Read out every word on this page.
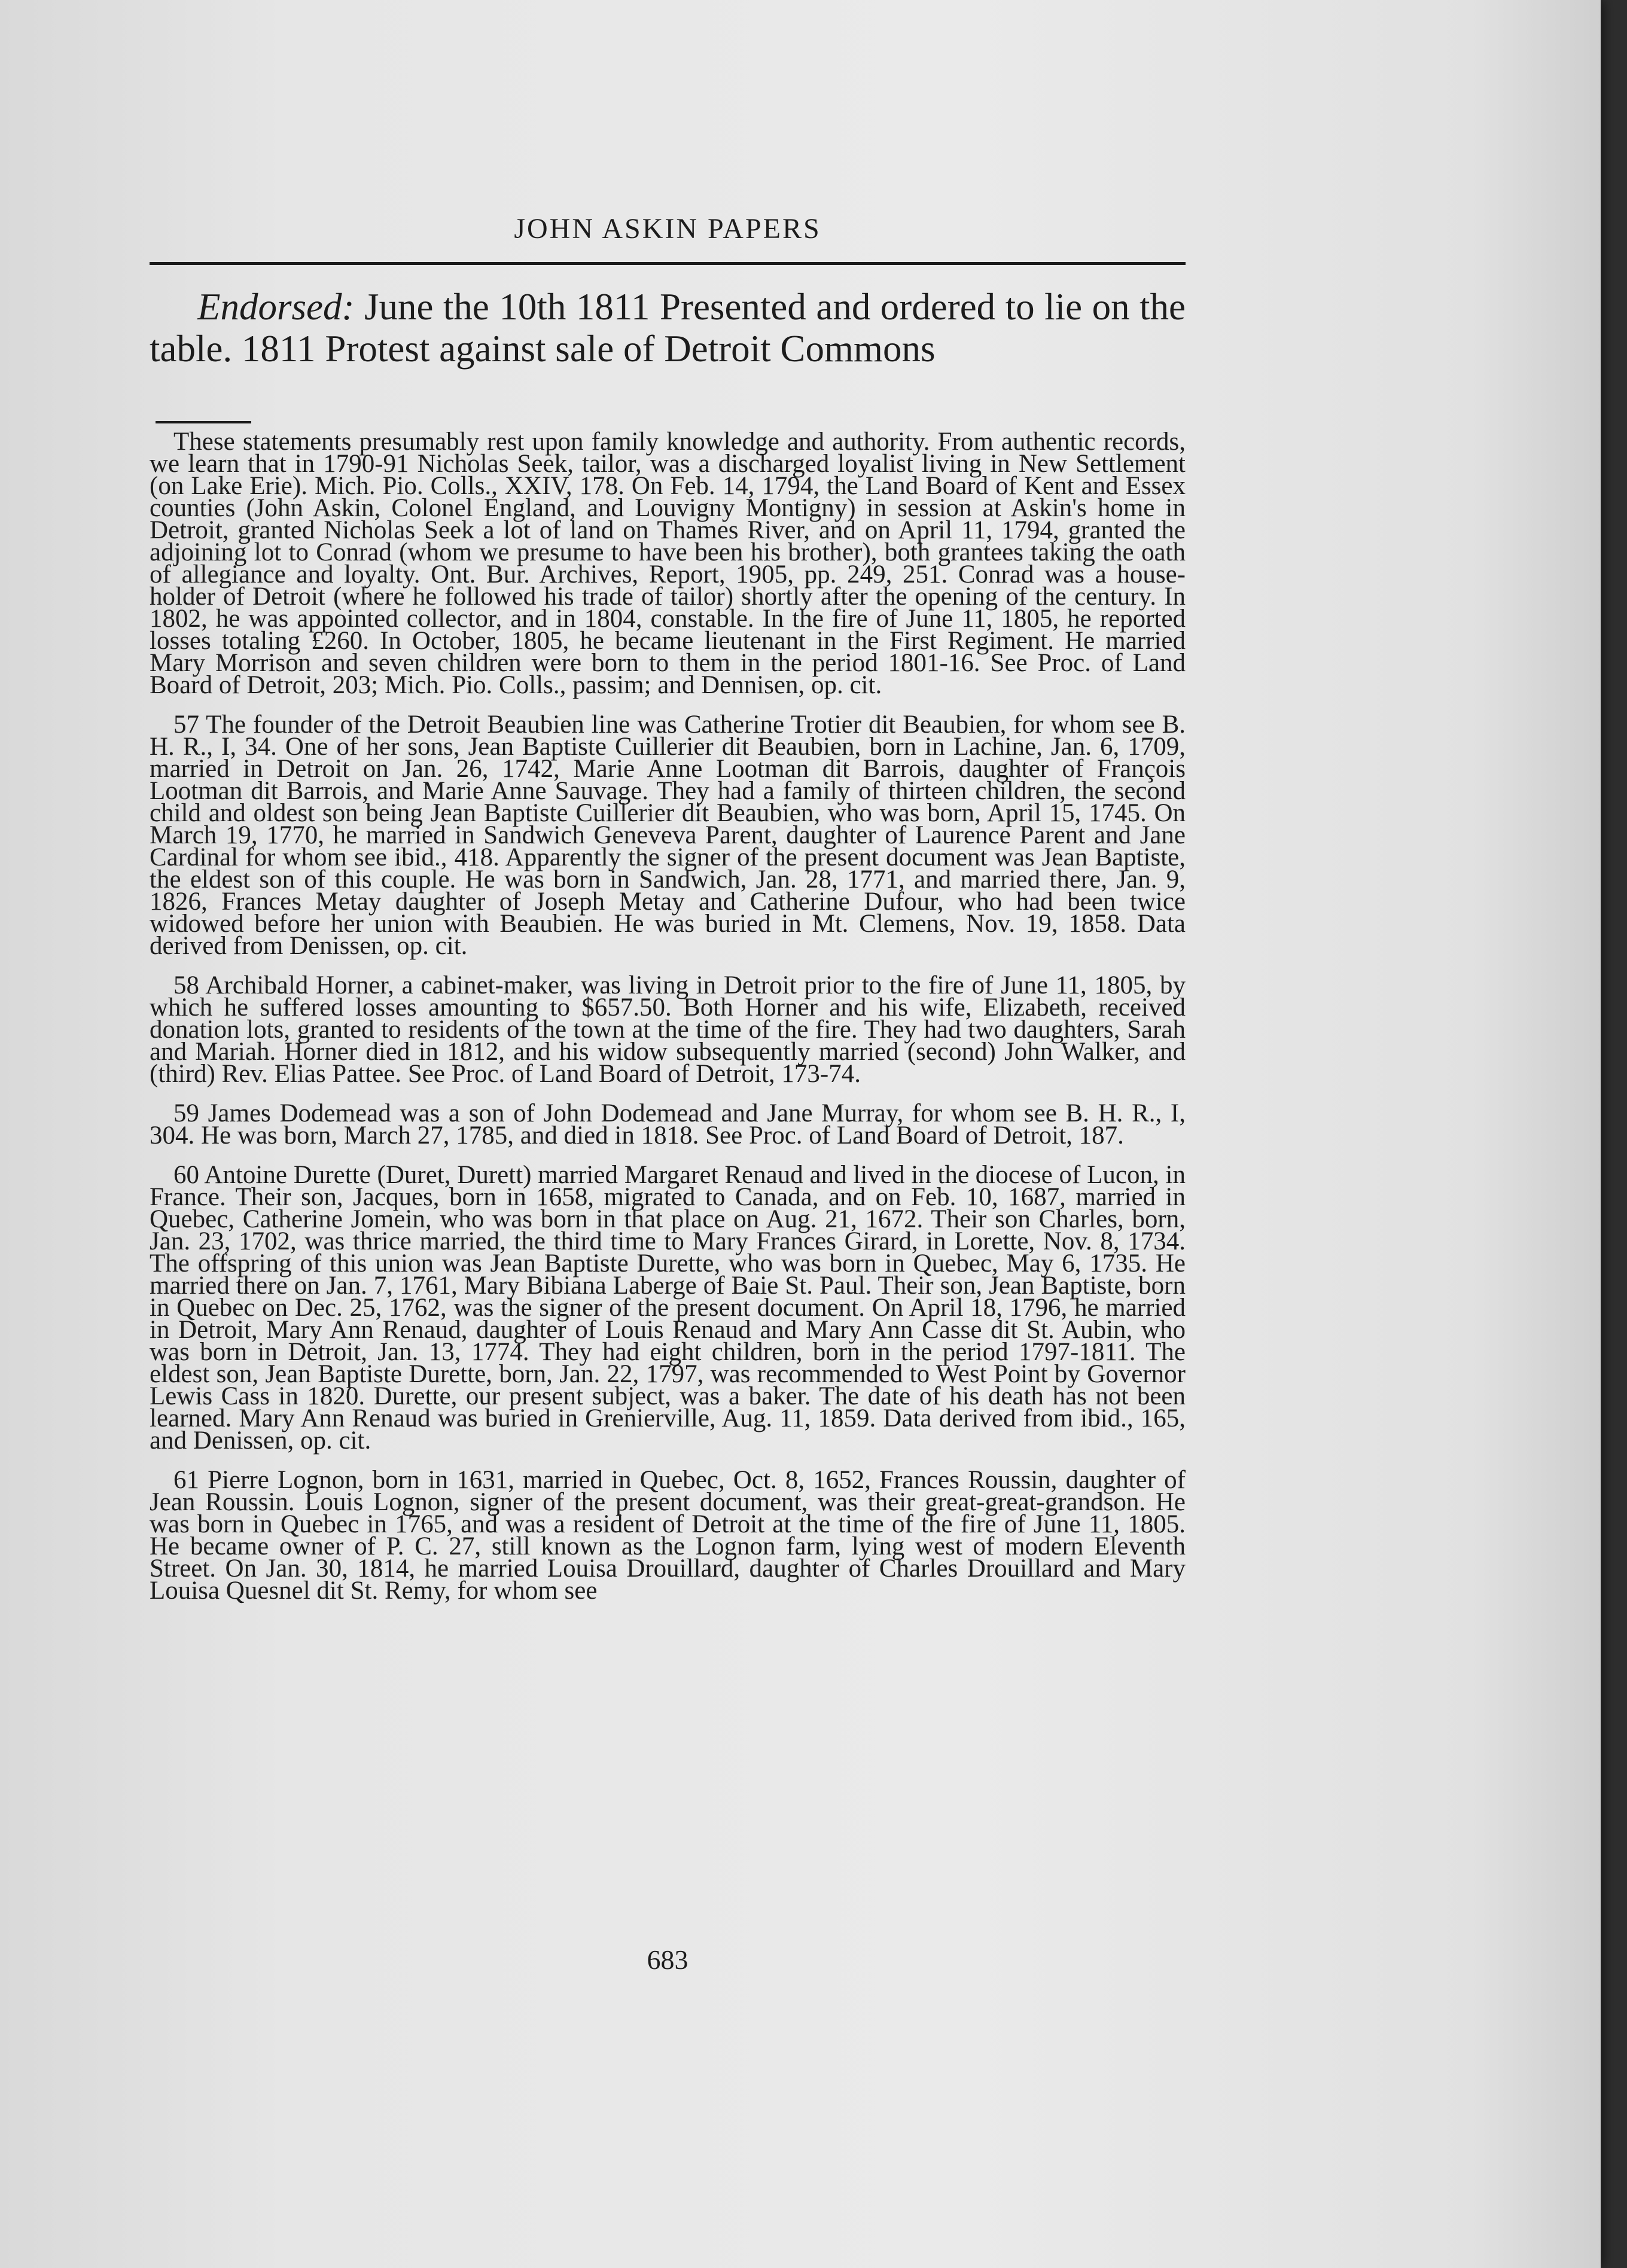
JOHN ASKIN PAPERS
Endorsed: June the 10th 1811 Presented and ordered to lie on the table. 1811 Protest against sale of Detroit Commons

These statements presumably rest upon family knowledge and authority. From authentic records, we learn that in 1790-91 Nicholas Seek, tailor, was a discharged loyalist living in New Settlement (on Lake Erie). Mich. Pio. Colls., XXIV, 178. On Feb. 14, 1794, the Land Board of Kent and Essex counties (John Askin, Colonel England, and Louvigny Montigny) in session at Askin's home in Detroit, granted Nicholas Seek a lot of land on Thames River, and on April 11, 1794, granted the adjoining lot to Conrad (whom we presume to have been his brother), both grantees taking the oath of allegiance and loyalty. Ont. Bur. Archives, Report, 1905, pp. 249, 251. Conrad was a house-holder of Detroit (where he followed his trade of tailor) shortly after the opening of the century. In 1802, he was appointed collector, and in 1804, constable. In the fire of June 11, 1805, he reported losses totaling £260. In October, 1805, he became lieutenant in the First Regiment. He married Mary Morrison and seven children were born to them in the period 1801-16. See Proc. of Land Board of Detroit, 203; Mich. Pio. Colls., passim; and Dennisen, op. cit.

57 The founder of the Detroit Beaubien line was Catherine Trotier dit Beaubien, for whom see B. H. R., I, 34. One of her sons, Jean Baptiste Cuillerier dit Beaubien, born in Lachine, Jan. 6, 1709, married in Detroit on Jan. 26, 1742, Marie Anne Lootman dit Barrois, daughter of François Lootman dit Barrois, and Marie Anne Sauvage. They had a family of thirteen children, the second child and oldest son being Jean Baptiste Cuillerier dit Beaubien, who was born, April 15, 1745. On March 19, 1770, he married in Sandwich Geneveva Parent, daughter of Laurence Parent and Jane Cardinal for whom see ibid., 418. Apparently the signer of the present document was Jean Baptiste, the eldest son of this couple. He was born in Sandwich, Jan. 28, 1771, and married there, Jan. 9, 1826, Frances Metay daughter of Joseph Metay and Catherine Dufour, who had been twice widowed before her union with Beaubien. He was buried in Mt. Clemens, Nov. 19, 1858. Data derived from Denissen, op. cit.

58 Archibald Horner, a cabinet-maker, was living in Detroit prior to the fire of June 11, 1805, by which he suffered losses amounting to $657.50. Both Horner and his wife, Elizabeth, received donation lots, granted to residents of the town at the time of the fire. They had two daughters, Sarah and Mariah. Horner died in 1812, and his widow subsequently married (second) John Walker, and (third) Rev. Elias Pattee. See Proc. of Land Board of Detroit, 173-74.

59 James Dodemead was a son of John Dodemead and Jane Murray, for whom see B. H. R., I, 304. He was born, March 27, 1785, and died in 1818. See Proc. of Land Board of Detroit, 187.

60 Antoine Durette (Duret, Durett) married Margaret Renaud and lived in the diocese of Lucon, in France. Their son, Jacques, born in 1658, migrated to Canada, and on Feb. 10, 1687, married in Quebec, Catherine Jomein, who was born in that place on Aug. 21, 1672. Their son Charles, born, Jan. 23, 1702, was thrice married, the third time to Mary Frances Girard, in Lorette, Nov. 8, 1734. The offspring of this union was Jean Baptiste Durette, who was born in Quebec, May 6, 1735. He married there on Jan. 7, 1761, Mary Bibiana Laberge of Baie St. Paul. Their son, Jean Baptiste, born in Quebec on Dec. 25, 1762, was the signer of the present document. On April 18, 1796, he married in Detroit, Mary Ann Renaud, daughter of Louis Renaud and Mary Ann Casse dit St. Aubin, who was born in Detroit, Jan. 13, 1774. They had eight children, born in the period 1797-1811. The eldest son, Jean Baptiste Durette, born, Jan. 22, 1797, was recommended to West Point by Governor Lewis Cass in 1820. Durette, our present subject, was a baker. The date of his death has not been learned. Mary Ann Renaud was buried in Grenierville, Aug. 11, 1859. Data derived from ibid., 165, and Denissen, op. cit.

61 Pierre Lognon, born in 1631, married in Quebec, Oct. 8, 1652, Frances Roussin, daughter of Jean Roussin. Louis Lognon, signer of the present document, was their great-great-grandson. He was born in Quebec in 1765, and was a resident of Detroit at the time of the fire of June 11, 1805. He became owner of P. C. 27, still known as the Lognon farm, lying west of modern Eleventh Street. On Jan. 30, 1814, he married Louisa Drouillard, daughter of Charles Drouillard and Mary Louisa Quesnel dit St. Remy, for whom see

683
